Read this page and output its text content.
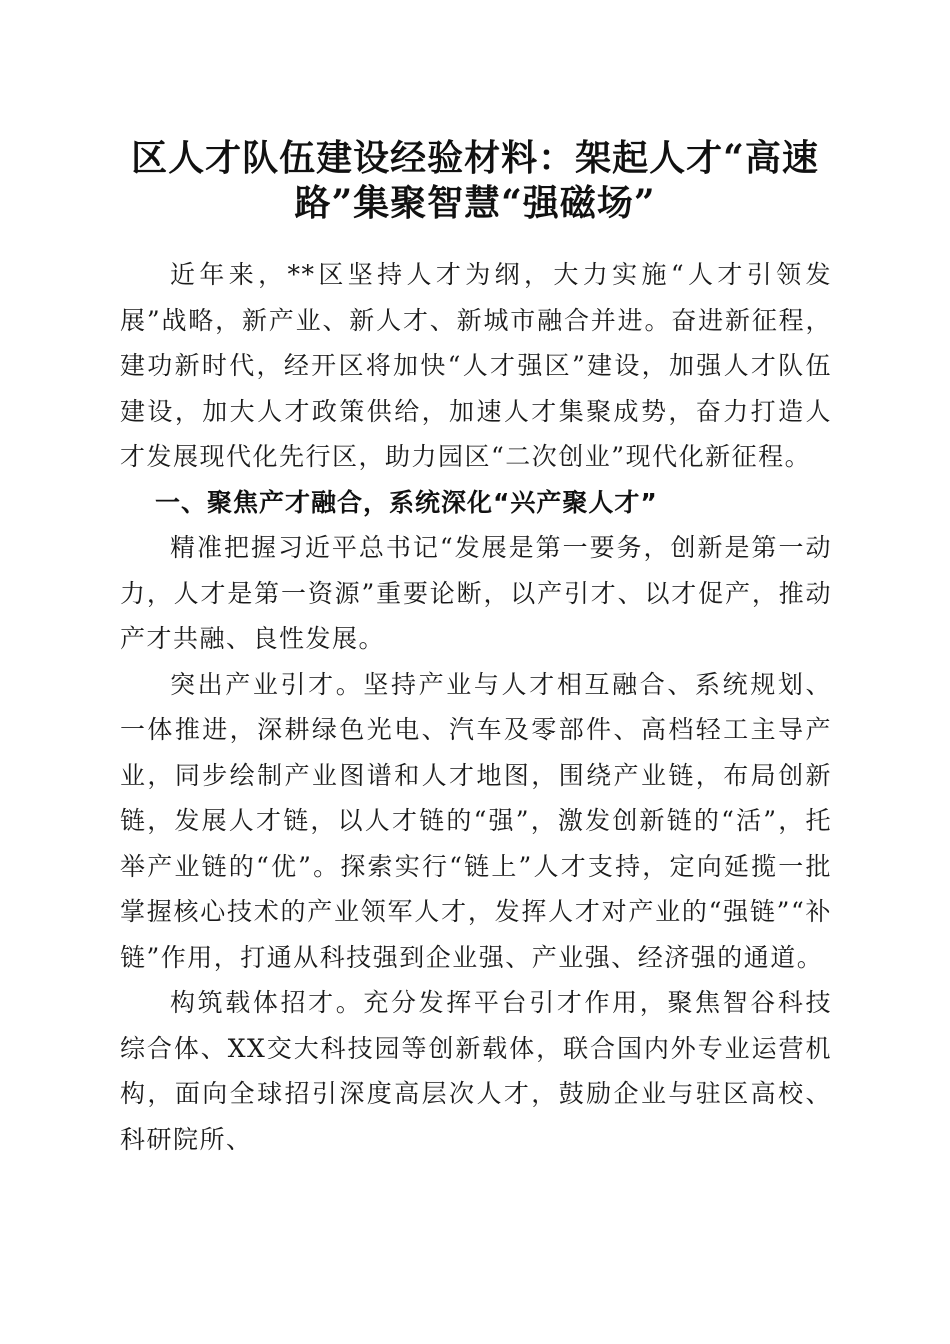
区人才队伍建设经验材料：架起人才“高速路”集聚智慧“强磁场”

近年来，**区坚持人才为纲，大力实施“人才引领发展”战略，新产业、新人才、新城市融合并进。奋进新征程，建功新时代，经开区将加快“人才强区”建设，加强人才队伍建设，加大人才政策供给，加速人才集聚成势，奋力打造人才发展现代化先行区，助力园区“二次创业”现代化新征程。

一、聚焦产才融合，系统深化“兴产聚人才”

精准把握习近平总书记“发展是第一要务，创新是第一动力，人才是第一资源”重要论断，以产引才、以才促产，推动产才共融、良性发展。

突出产业引才。坚持产业与人才相互融合、系统规划、一体推进，深耕绿色光电、汽车及零部件、高档轻工主导产业，同步绘制产业图谱和人才地图，围绕产业链，布局创新链，发展人才链，以人才链的“强”，激发创新链的“活”，托举产业链的“优”。探索实行“链上”人才支持，定向延揽一批掌握核心技术的产业领军人才，发挥人才对产业的“强链”“补链”作用，打通从科技强到企业强、产业强、经济强的通道。

构筑载体招才。充分发挥平台引才作用，聚焦智谷科技综合体、XX交大科技园等创新载体，联合国内外专业运营机构，面向全球招引深度高层次人才，鼓励企业与驻区高校、科研院所、
